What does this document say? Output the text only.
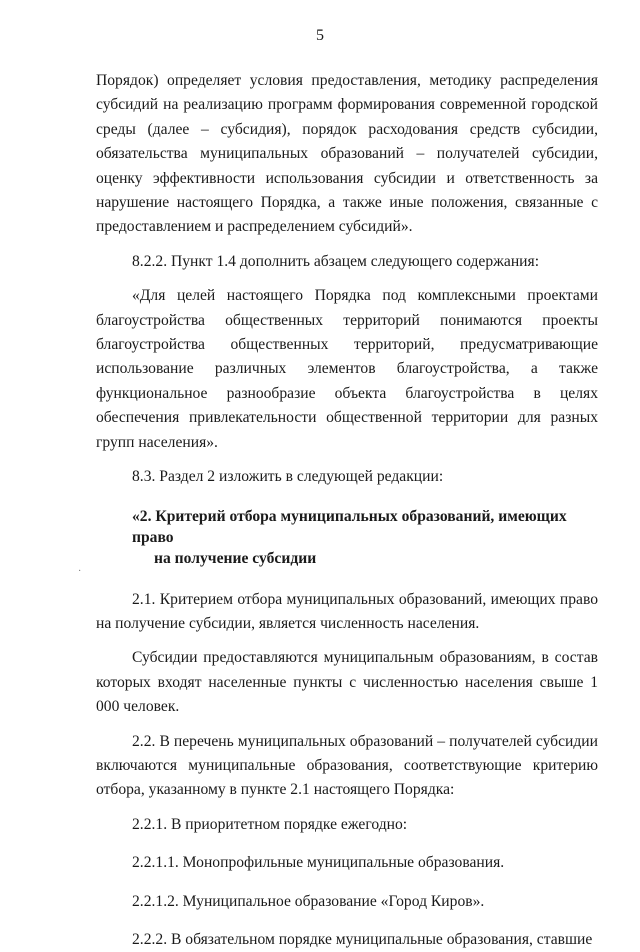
5
·

Порядок) определяет условия предоставления, методику распределения субсидий на реализацию программ формирования современной городской среды (далее – субсидия), порядок расходования средств субсидии, обязательства муниципальных образований – получателей субсидии, оценку эффективности использования субсидии и ответственность за нарушение настоящего Порядка, а также иные положения, связанные с предоставлением и распределением субсидий».

8.2.2. Пункт 1.4 дополнить абзацем следующего содержания:

«Для целей настоящего Порядка под комплексными проектами благоустройства общественных территорий понимаются проекты благоустройства общественных территорий, предусматривающие использование различных элементов благоустройства, а также функциональное разнообразие объекта благоустройства в целях обеспечения привлекательности общественной территории для разных групп населения».

8.3. Раздел 2 изложить в следующей редакции:

«2. Критерий отбора муниципальных образований, имеющих право
на получение субсидии

2.1. Критерием отбора муниципальных образований, имеющих право на получение субсидии, является численность населения.

Субсидии предоставляются муниципальным образованиям, в состав которых входят населенные пункты с численностью населения свыше 1 000 человек.

2.2. В перечень муниципальных образований – получателей субсидии включаются муниципальные образования, соответствующие критерию отбора, указанному в пункте 2.1 настоящего Порядка:

2.2.1. В приоритетном порядке ежегодно:

2.2.1.1. Монопрофильные муниципальные образования.

2.2.1.2. Муниципальное образование «Город Киров».

2.2.2. В обязательном порядке муниципальные образования, ставшие
